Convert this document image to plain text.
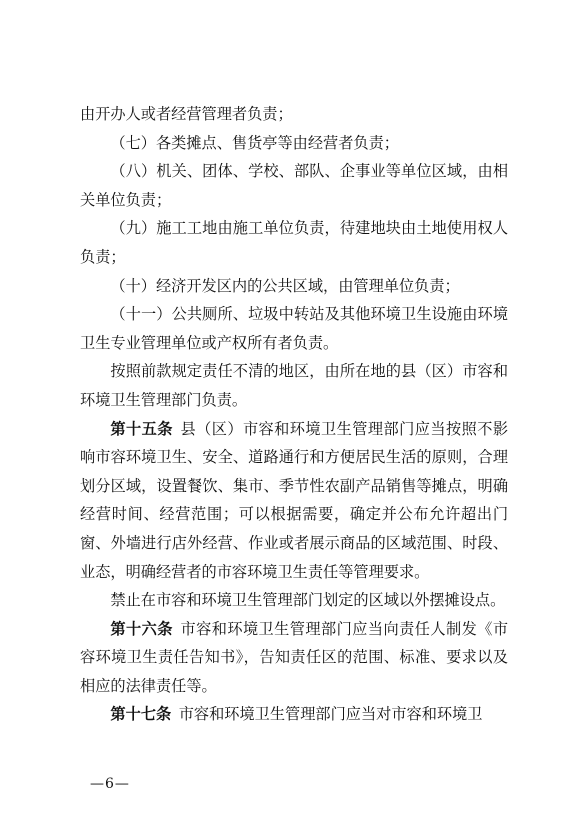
由开办人或者经营管理者负责；

（七）各类摊点、售货亭等由经营者负责；

（八）机关、团体、学校、部队、企事业等单位区域，由相关单位负责；

（九）施工工地由施工单位负责，待建地块由土地使用权人负责；

（十）经济开发区内的公共区域，由管理单位负责；

（十一）公共厕所、垃圾中转站及其他环境卫生设施由环境卫生专业管理单位或产权所有者负责。

按照前款规定责任不清的地区，由所在地的县（区）市容和环境卫生管理部门负责。

第十五条 县（区）市容和环境卫生管理部门应当按照不影响市容环境卫生、安全、道路通行和方便居民生活的原则，合理划分区域，设置餐饮、集市、季节性农副产品销售等摊点，明确经营时间、经营范围；可以根据需要，确定并公布允许超出门窗、外墙进行店外经营、作业或者展示商品的区域范围、时段、业态，明确经营者的市容环境卫生责任等管理要求。

禁止在市容和环境卫生管理部门划定的区域以外摆摊设点。

第十六条 市容和环境卫生管理部门应当向责任人制发《市容环境卫生责任告知书》，告知责任区的范围、标准、要求以及相应的法律责任等。

第十七条 市容和环境卫生管理部门应当对市容和环境卫

—6—
